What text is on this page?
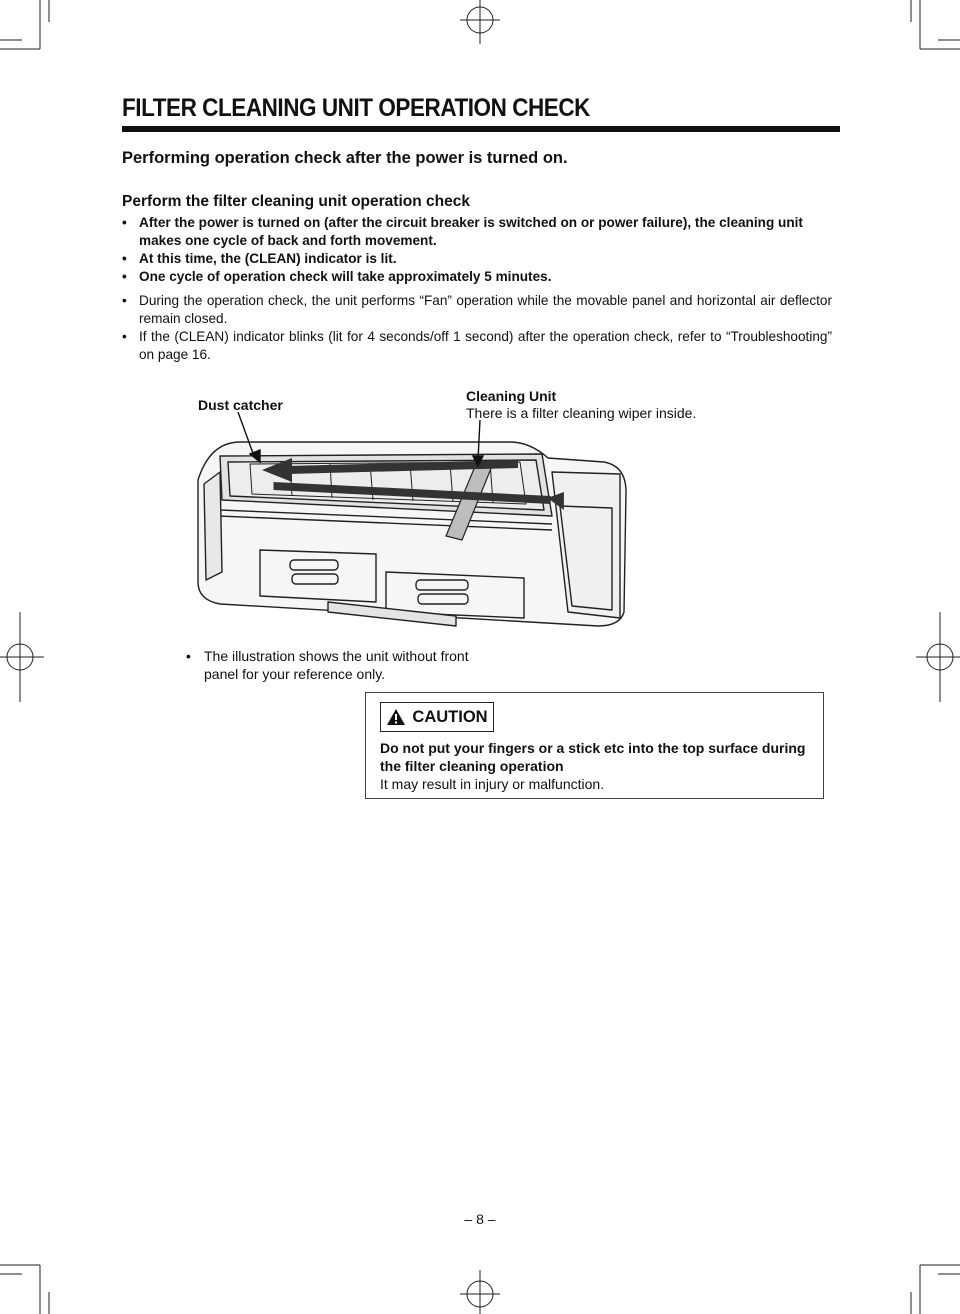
FILTER CLEANING UNIT OPERATION CHECK
Performing operation check after the power is turned on.
Perform the filter cleaning unit operation check
• After the power is turned on (after the circuit breaker is switched on or power failure), the cleaning unit makes one cycle of back and forth movement.
• At this time, the (CLEAN) indicator is lit.
• One cycle of operation check will take approximately 5 minutes.
• During the operation check, the unit performs “Fan” operation while the movable panel and horizontal air deflector remain closed.
• If the (CLEAN) indicator blinks (lit for 4 seconds/off 1 second) after the operation check, refer to “Troubleshooting” on page 16.
Dust catcher
Cleaning Unit
There is a filter cleaning wiper inside.
• The illustration shows the unit without front panel for your reference only.
CAUTION
Do not put your fingers or a stick etc into the top surface during the filter cleaning operation
It may result in injury or malfunction.
– 8 –
